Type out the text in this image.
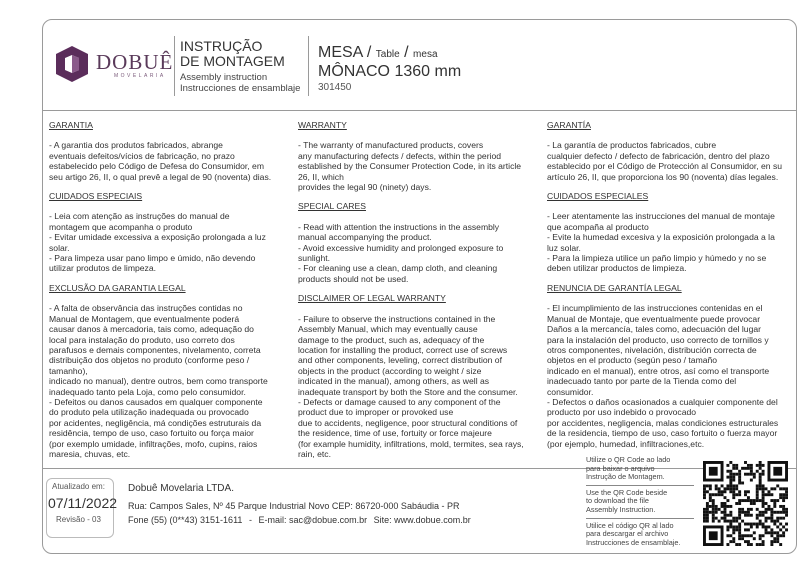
DOBUÊ
MOVELARIA
INSTRUÇÃO
DE MONTAGEM
Assembly instruction
Instrucciones de ensamblaje
MESA / Table / mesa
MÔNACO 1360 mm
301450
GARANTIA

- A garantia dos produtos fabricados, abrange

eventuais defeitos/vícios de fabricação, no prazo

estabelecido pelo Código de Defesa do Consumidor, em

seu artigo 26, II, o qual prevê a legal de 90 (noventa) dias.

CUIDADOS ESPECIAIS

- Leia com atenção as instruções do manual de

montagem que acompanha o produto

- Evitar umidade excessiva a exposição prolongada a luz

solar.

- Para limpeza usar pano limpo e úmido, não devendo

utilizar produtos de limpeza.

EXCLUSÃO DA GARANTIA LEGAL

- A falta de observância das instruções contidas no

Manual de Montagem, que eventualmente poderá

causar danos à mercadoria, tais como, adequação do

local para instalação do produto, uso correto dos

parafusos e demais componentes, nivelamento, correta

distribuição dos objetos no produto (conforme peso /

tamanho),

indicado no manual), dentre outros, bem como transporte

inadequado tanto pela Loja, como pelo consumidor.

- Defeitos ou danos causados em qualquer componente

do produto pela utilização inadequada ou provocado

por acidentes, negligência, má condições estruturais da

residência, tempo de uso, caso fortuito ou força maior

(por exemplo umidade, infiltrações, mofo, cupins, raios

maresia, chuvas, etc.

WARRANTY

- The warranty of manufactured products, covers

any manufacturing defects / defects, within the period

established by the Consumer Protection Code, in its article

26, II, which

provides the legal 90 (ninety) days.

SPECIAL CARES

- Read with attention the instructions in the assembly

manual accompanying the product.

- Avoid excessive humidity and prolonged exposure to

sunlight.

- For cleaning use a clean, damp cloth, and cleaning

products should not be used.

DISCLAIMER OF LEGAL WARRANTY

- Failure to observe the instructions contained in the

Assembly Manual, which may eventually cause

damage to the product, such as, adequacy of the

location for installing the product, correct use of screws

and other components, leveling, correct distribution of

objects in the product (according to weight / size

indicated in the manual), among others, as well as

inadequate transport by both the Store and the consumer.

- Defects or damage caused to any component of the

product due to improper or provoked use

due to accidents, negligence, poor structural conditions of

the residence, time of use, fortuity or force majeure

(for example humidity, infiltrations, mold, termites, sea rays,

rain, etc.

GARANTÍA

- La garantía de productos fabricados, cubre

cualquier defecto / defecto de fabricación, dentro del plazo

establecido por el Código de Protección al Consumidor, en su

artículo 26, II, que proporciona los 90 (noventa) días legales.

CUIDADOS ESPECIALES

- Leer atentamente las instrucciones del manual de montaje

que acompaña al producto

- Evite la humedad excesiva y la exposición prolongada a la

luz solar.

- Para la limpieza utilice un paño limpio y húmedo y no se

deben utilizar productos de limpieza.

RENUNCIA DE GARANTÍA LEGAL

- El incumplimiento de las instrucciones contenidas en el

Manual de Montaje, que eventualmente puede provocar

Daños a la mercancía, tales como, adecuación del lugar

para la instalación del producto, uso correcto de tornillos y

otros componentes, nivelación, distribución correcta de

objetos en el producto (según peso / tamaño

indicado en el manual), entre otros, así como el transporte

inadecuado tanto por parte de la Tienda como del

consumidor.

- Defectos o daños ocasionados a cualquier componente del

producto por uso indebido o provocado

por accidentes, negligencia, malas condiciones estructurales

de la residencia, tiempo de uso, caso fortuito o fuerza mayor

(por ejemplo, humedad, infiltraciones,etc.

Atualizado em:
07/11/2022
Revisão - 03
Dobuê Movelaria LTDA.
Rua: Campos Sales, Nº 45 Parque Industrial Novo CEP: 86720-000 Sabáudia - PR
Fone (55) (0**43) 3151-1611 - E-mail: sac@dobue.com.br Site: www.dobue.com.br
Utilize o QR Code ao lado
para baixar o arquivo
Instrução de Montagem.
Use the QR Code beside
to download the file
Assembly Instruction.
Utilice el código QR al lado
para descargar el archivo
Instrucciones de ensamblaje.
